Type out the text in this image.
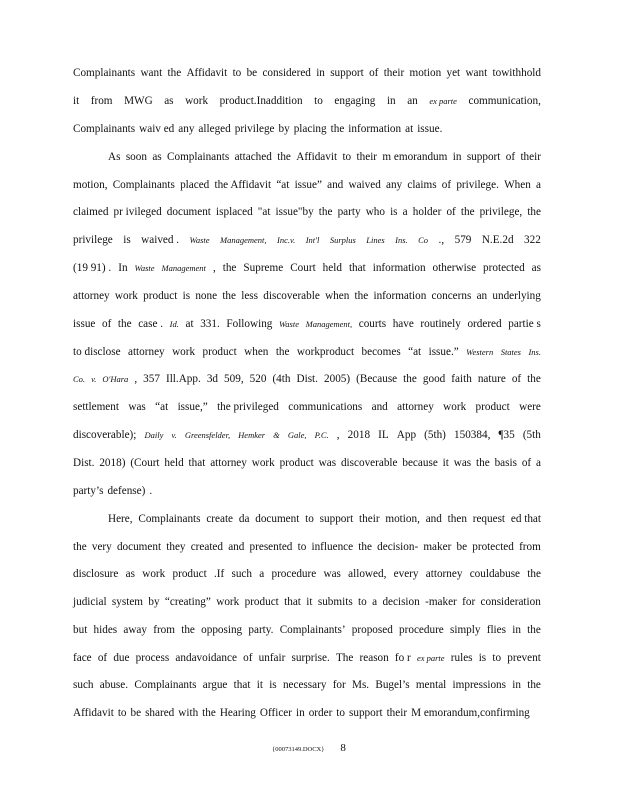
Complainants want the Affidavit to be considered in support of their motion yet want towithhold
it from MWG as work product.Inaddition to engaging in an ex parte communication,
Complainants waiv ed any alleged privilege by placing the information at issue.
As soon as Complainants attached the Affidavit to their m emorandum in support of their
motion, Complainants placed the Affidavit “at issue” and waived any claims of privilege. When a
claimed pr ivileged document isplaced "at issue"by the party who is a holder of the privilege, the
privilege is waived . Waste Management, Inc.v. Int'l Surplus Lines Ins. Co ., 579 N.E.2d 322
(19 91) . In Waste Management , the Supreme Court held that information otherwise protected as
attorney work product is none the less discoverable when the information concerns an underlying
issue of the case . Id. at 331. Following Waste Management, courts have routinely ordered partie s
to disclose attorney work product when the workproduct becomes “at issue.” Western States Ins.
Co. v. O'Hara , 357 Ill.App. 3d 509, 520 (4th Dist. 2005) (Because the good faith nature of the
settlement was “at issue,” the privileged communications and attorney work product were
discoverable); Daily v. Greensfelder, Hemker & Gale, P.C. , 2018 IL App (5th) 150384, ¶35 (5th
Dist. 2018) (Court held that attorney work product was discoverable because it was the basis of a
party’s defense) .
Here, Complainants create da document to support their motion, and then request ed that
the very document they created and presented to influence the decision- maker be protected from
disclosure as work product .If such a procedure was allowed, every attorney couldabuse the
judicial system by “creating” work product that it submits to a decision -maker for consideration
but hides away from the opposing party. Complainants’ proposed procedure simply flies in the
face of due process andavoidance of unfair surprise. The reason fo r ex parte rules is to prevent
such abuse. Complainants argue that it is necessary for Ms. Bugel’s mental impressions in the
Affidavit to be shared with the Hearing Officer in order to support their M emorandum,confirming
{00073149.DOCX} 8
